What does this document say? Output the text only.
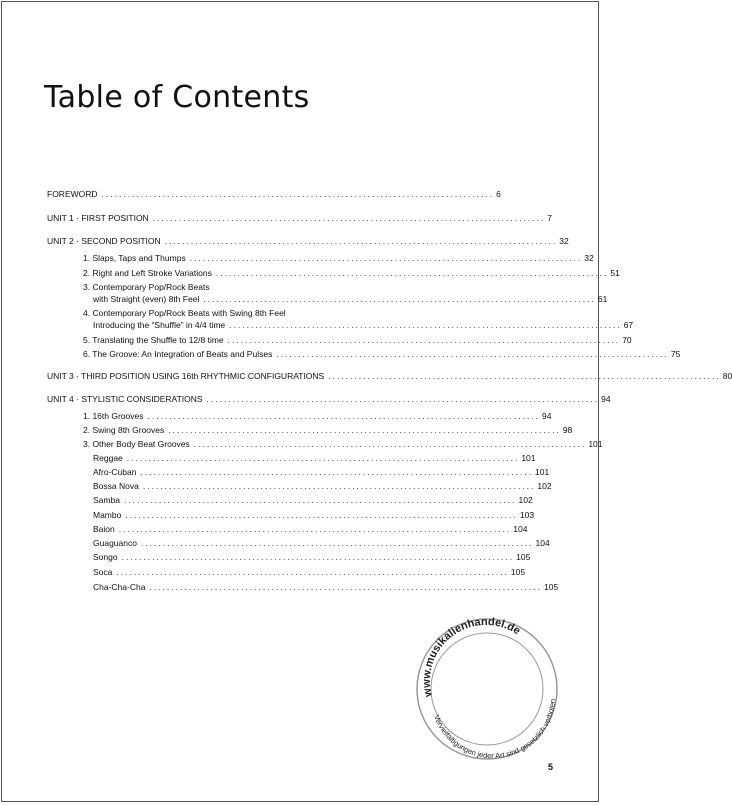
Table of Contents
FOREWORD .......................................................................................... 6
UNIT 1 · FIRST POSITION .......................................................................................... 7
UNIT 2 · SECOND POSITION .......................................................................................... 32
1. Slaps, Taps and Thumps .......................................................................................... 32
2. Right and Left Stroke Variations .......................................................................................... 51
3. Contemporary Pop/Rock Beats
with Straight (even) 8th Feel .......................................................................................... 61
4. Contemporary Pop/Rock Beats with Swing 8th Feel
Introducing the “Shuffle” in 4/4 time .......................................................................................... 67
5. Translating the Shuffle to 12/8 time .......................................................................................... 70
6. The Groove: An Integration of Beats and Pulses .......................................................................................... 75
UNIT 3 · THIRD POSITION USING 16th RHYTHMIC CONFIGURATIONS .......................................................................................... 80
UNIT 4 · STYLISTIC CONSIDERATIONS .......................................................................................... 94
1. 16th Grooves .......................................................................................... 94
2. Swing 8th Grooves .......................................................................................... 98
3. Other Body Beat Grooves .......................................................................................... 101
Reggae .......................................................................................... 101
Afro-Cuban .......................................................................................... 101
Bossa Nova .......................................................................................... 102
Samba .......................................................................................... 102
Mambo .......................................................................................... 103
Baion .......................................................................................... 104
Guaguanco .......................................................................................... 104
Songo .......................................................................................... 105
Soca .......................................................................................... 105
Cha-Cha-Cha .......................................................................................... 105
www.musikalienhandel.de
Vervielfältigungen jeder Art sind gesetzlich verboten
5
